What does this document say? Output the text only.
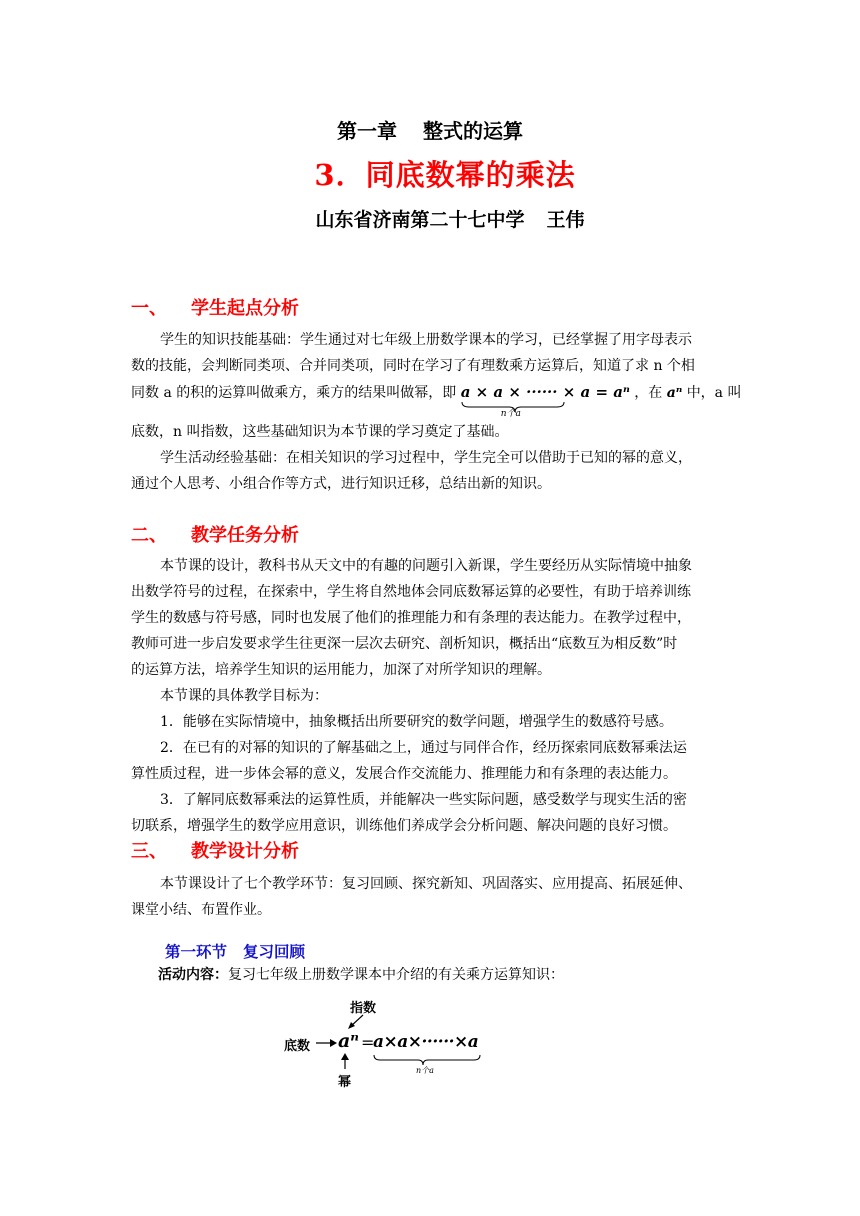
第一章 整式的运算
3．同底数幂的乘法
山东省济南第二十七中学 王伟
一、 学生起点分析

学生的知识技能基础：学生通过对七年级上册数学课本的学习，已经掌握了用字母表示

数的技能，会判断同类项、合并同类项，同时在学习了有理数乘方运算后，知道了求 n 个相

同数 a 的积的运算叫做乘方，乘方的结果叫做幂，即 a × a × ······ × a = aⁿ
n个a
，在 aⁿ 中，a 叫

底数，n 叫指数，这些基础知识为本节课的学习奠定了基础。

学生活动经验基础：在相关知识的学习过程中，学生完全可以借助于已知的幂的意义，

通过个人思考、小组合作等方式，进行知识迁移，总结出新的知识。

二、 教学任务分析

本节课的设计，教科书从天文中的有趣的问题引入新课，学生要经历从实际情境中抽象

出数学符号的过程，在探索中，学生将自然地体会同底数幂运算的必要性，有助于培养训练

学生的数感与符号感，同时也发展了他们的推理能力和有条理的表达能力。在教学过程中，

教师可进一步启发要求学生往更深一层次去研究、剖析知识，概括出“底数互为相反数”时

的运算方法，培养学生知识的运用能力，加深了对所学知识的理解。

本节课的具体教学目标为：

1．能够在实际情境中，抽象概括出所要研究的数学问题，增强学生的数感符号感。

2．在已有的对幂的知识的了解基础之上，通过与同伴合作，经历探索同底数幂乘法运

算性质过程，进一步体会幂的意义，发展合作交流能力、推理能力和有条理的表达能力。

3．了解同底数幂乘法的运算性质，并能解决一些实际问题，感受数学与现实生活的密

切联系，增强学生的数学应用意识，训练他们养成学会分析问题、解决问题的良好习惯。

三、 教学设计分析

本节课设计了七个教学环节：复习回顾、探究新知、巩固落实、应用提高、拓展延伸、

课堂小结、布置作业。

第一环节 复习回顾
活动内容：复习七年级上册数学课本中介绍的有关乘方运算知识：
指数
底数 aⁿ =
a×a×······×a
n个a
幂
